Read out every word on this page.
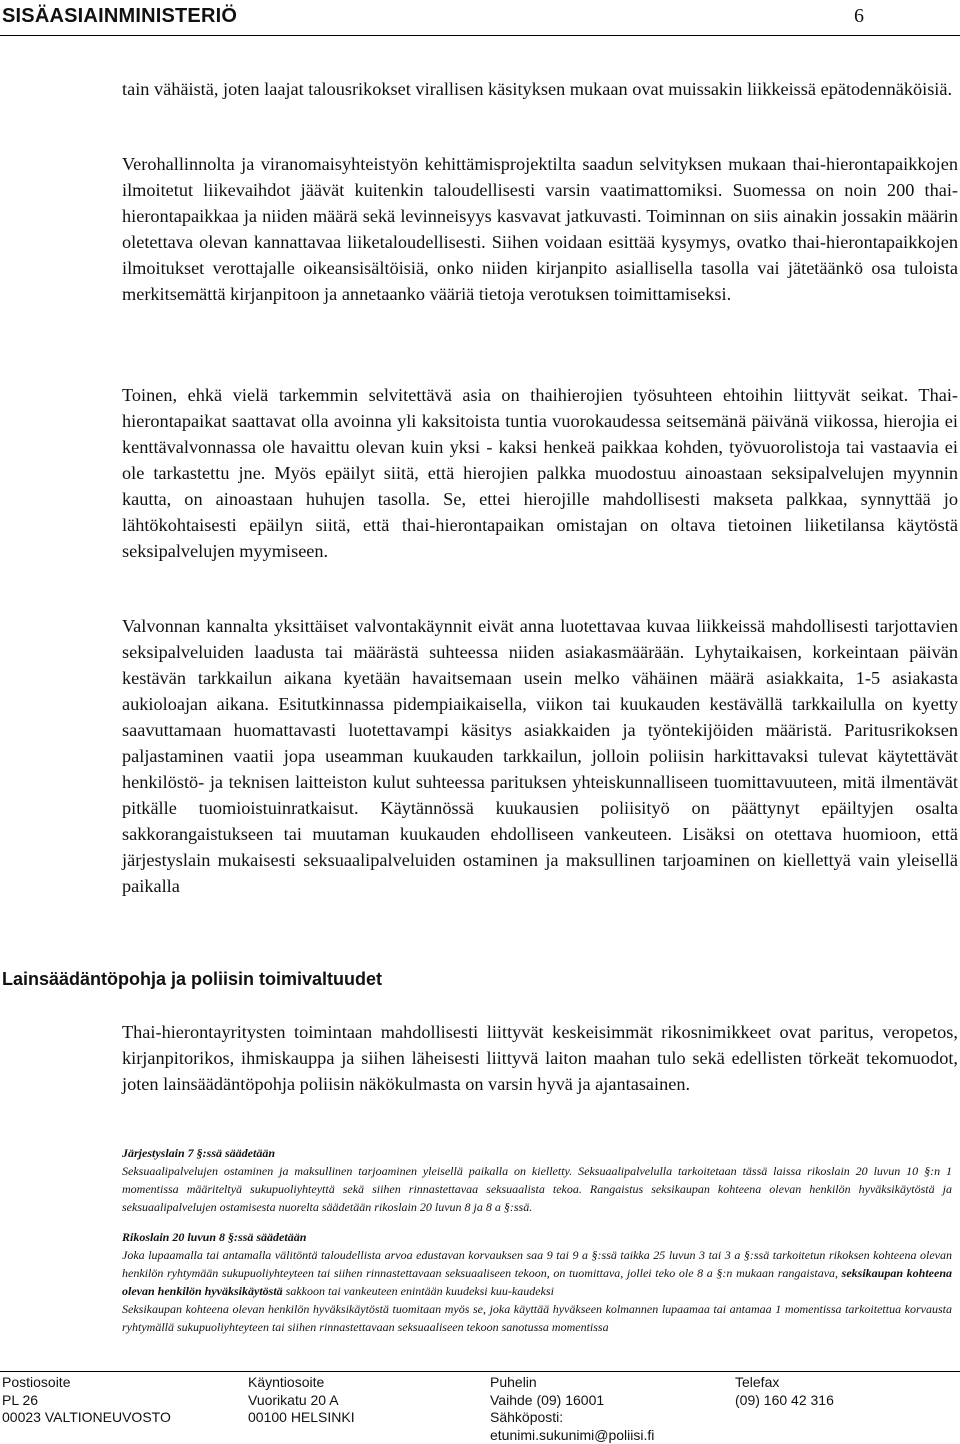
SISÄASIAINMINISTERIÖ	6

tain vähäistä, joten laajat talousrikokset virallisen käsityksen mukaan ovat muissakin liikkeissä epätodennäköisiä.

Verohallinnolta ja viranomaisyhteistyön kehittämisprojektilta saadun selvityksen mukaan thai-hierontapaikkojen ilmoitetut liikevaihdot jäävät kuitenkin taloudellisesti varsin vaatimattomiksi. Suomessa on noin 200 thai-hierontapaikkaa ja niiden määrä sekä levinneisyys kasvavat jatkuvasti. Toiminnan on siis ainakin jossakin määrin oletettava olevan kannattavaa liiketaloudellisesti. Siihen voidaan esittää kysymys, ovatko thai-hierontapaikkojen ilmoitukset verottajalle oikeansisältöisiä, onko niiden kirjanpito asiallisella tasolla vai jätetäänkö osa tuloista merkitsemättä kirjanpitoon ja annetaanko vääriä tietoja verotuksen toimittamiseksi.

Toinen, ehkä vielä tarkemmin selvitettävä asia on thaihierojien työsuhteen ehtoihin liittyvät seikat. Thai-hierontapaikat saattavat olla avoinna yli kaksitoista tuntia vuorokaudessa seitsemänä päivänä viikossa, hierojia ei kenttävalvonnassa ole havaittu olevan kuin yksi - kaksi henkeä paikkaa kohden, työvuorolistoja tai vastaavia ei ole tarkastettu jne. Myös epäilyt siitä, että hierojien palkka muodostuu ainoastaan seksipalvelujen myynnin kautta, on ainoastaan huhujen tasolla. Se, ettei hierojille mahdollisesti makseta palkkaa, synnyttää jo lähtökohtaisesti epäilyn siitä, että thai-hierontapaikan omistajan on oltava tietoinen liiketilansa käytöstä seksipalvelujen myymiseen.

Valvonnan kannalta yksittäiset valvontakäynnit eivät anna luotettavaa kuvaa liikkeissä mahdollisesti tarjottavien seksipalveluiden laadusta tai määrästä suhteessa niiden asiakasmäärään. Lyhytaikaisen, korkeintaan päivän kestävän tarkkailun aikana kyetään havaitsemaan usein melko vähäinen määrä asiakkaita, 1-5 asiakasta aukioloajan aikana. Esitutkinnassa pidempiaikaisella, viikon tai kuukauden kestävällä tarkkailulla on kyetty saavuttamaan huomattavasti luotettavampi käsitys asiakkaiden ja työntekijöiden määristä. Paritusrikoksen paljastaminen vaatii jopa useamman kuukauden tarkkailun, jolloin poliisin harkittavaksi tulevat käytettävät henkilöstö- ja teknisen laitteiston kulut suhteessa parituksen yhteiskunnalliseen tuomittavuuteen, mitä ilmentävät pitkälle tuomioistuinratkaisut. Käytännössä kuukausien poliisityö on päättynyt epäiltyjen osalta sakkorangaistukseen tai muutaman kuukauden ehdolliseen vankeuteen. Lisäksi on otettava huomioon, että järjestyslain mukaisesti seksuaalipalveluiden ostaminen ja maksullinen tarjoaminen on kiellettyä vain yleisellä paikalla

Lainsäädäntöpohja ja poliisin toimivaltuudet

Thai-hierontayritysten toimintaan mahdollisesti liittyvät keskeisimmät rikosnimikkeet ovat paritus, veropetos, kirjanpitorikos, ihmiskauppa ja siihen läheisesti liittyvä laiton maahan tulo sekä edellisten törkeät tekomuodot, joten lainsäädäntöpohja poliisin näkökulmasta on varsin hyvä ja ajantasainen.

Järjestyslain 7 §:ssä säädetään
Seksuaalipalvelujen ostaminen ja maksullinen tarjoaminen yleisellä paikalla on kielletty. Seksuaalipalvelulla tarkoitetaan tässä laissa rikoslain 20 luvun 10 §:n 1 momentissa määriteltyä sukupuoliyhteyttä sekä siihen rinnastettavaa seksuaalista tekoa. Rangaistus seksikaupan kohteena olevan henkilön hyväksikäytöstä ja seksuaalipalvelujen ostamisesta nuorelta säädetään rikoslain 20 luvun 8 ja 8 a §:ssä.
Rikoslain 20 luvun 8 §:ssä säädetään
Joka lupaamalla tai antamalla välitöntä taloudellista arvoa edustavan korvauksen saa 9 tai 9 a §:ssä taikka 25 luvun 3 tai 3 a §:ssä tarkoitetun rikoksen kohteena olevan henkilön ryhtymään sukupuoliyhteyteen tai siihen rinnastettavaan seksuaaliseen tekoon, on tuomittava, jollei teko ole 8 a §:n mukaan rangaistava, seksikaupan kohteena olevan henkilön hyväksikäytöstä sakkoon tai vankeuteen enintään kuudeksi kuu-kaudeksi
Seksikaupan kohteena olevan henkilön hyväksikäytöstä tuomitaan myös se, joka käyttää hyväkseen kolmannen lupaamaa tai antamaa 1 momentissa tarkoitettua korvausta ryhtymällä sukupuoliyhteyteen tai siihen rinnastettavaan seksuaaliseen tekoon sanotussa momentissa
Postiosoite
PL 26
00023 VALTIONEUVOSTO
Käyntiosoite
Vuorikatu 20 A
00100 HELSINKI
Puhelin
Vaihde (09) 16001
Sähköposti:
etunimi.sukunimi@poliisi.fi
Telefax
(09) 160 42 316
